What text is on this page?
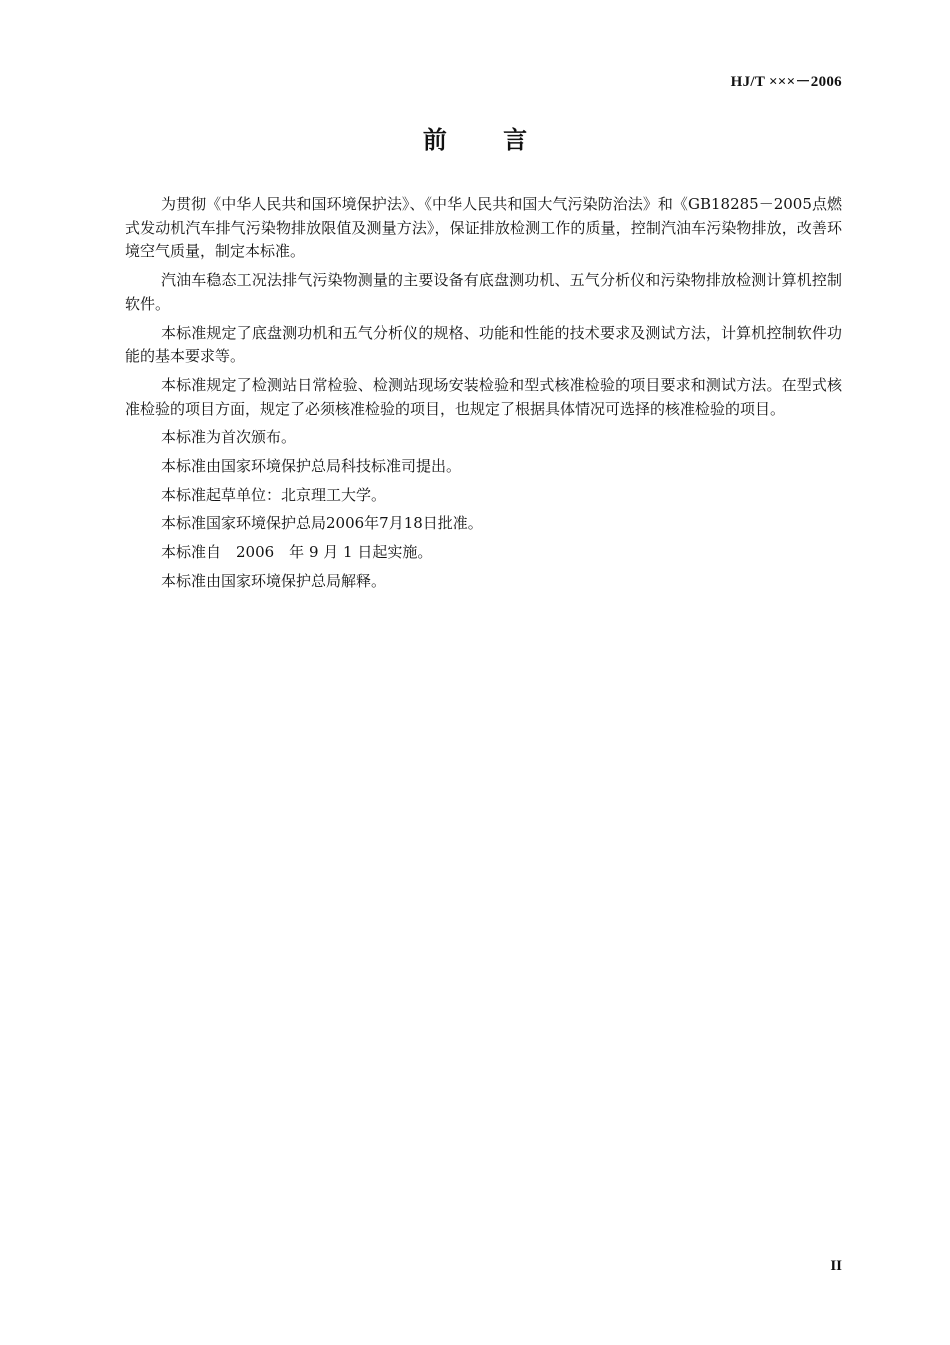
HJ/T ×××－2006
前 言

为贯彻《中华人民共和国环境保护法》、《中华人民共和国大气污染防治法》和《GB18285－2005点燃式发动机汽车排气污染物排放限值及测量方法》，保证排放检测工作的质量，控制汽油车污染物排放，改善环境空气质量，制定本标准。

汽油车稳态工况法排气污染物测量的主要设备有底盘测功机、五气分析仪和污染物排放检测计算机控制软件。

本标准规定了底盘测功机和五气分析仪的规格、功能和性能的技术要求及测试方法，计算机控制软件功能的基本要求等。

本标准规定了检测站日常检验、检测站现场安装检验和型式核准检验的项目要求和测试方法。在型式核准检验的项目方面，规定了必须核准检验的项目，也规定了根据具体情况可选择的核准检验的项目。

本标准为首次颁布。

本标准由国家环境保护总局科技标准司提出。

本标准起草单位：北京理工大学。

本标准国家环境保护总局2006年7月18日批准。

本标准自　2006　年 9 月 1 日起实施。

本标准由国家环境保护总局解释。

II
